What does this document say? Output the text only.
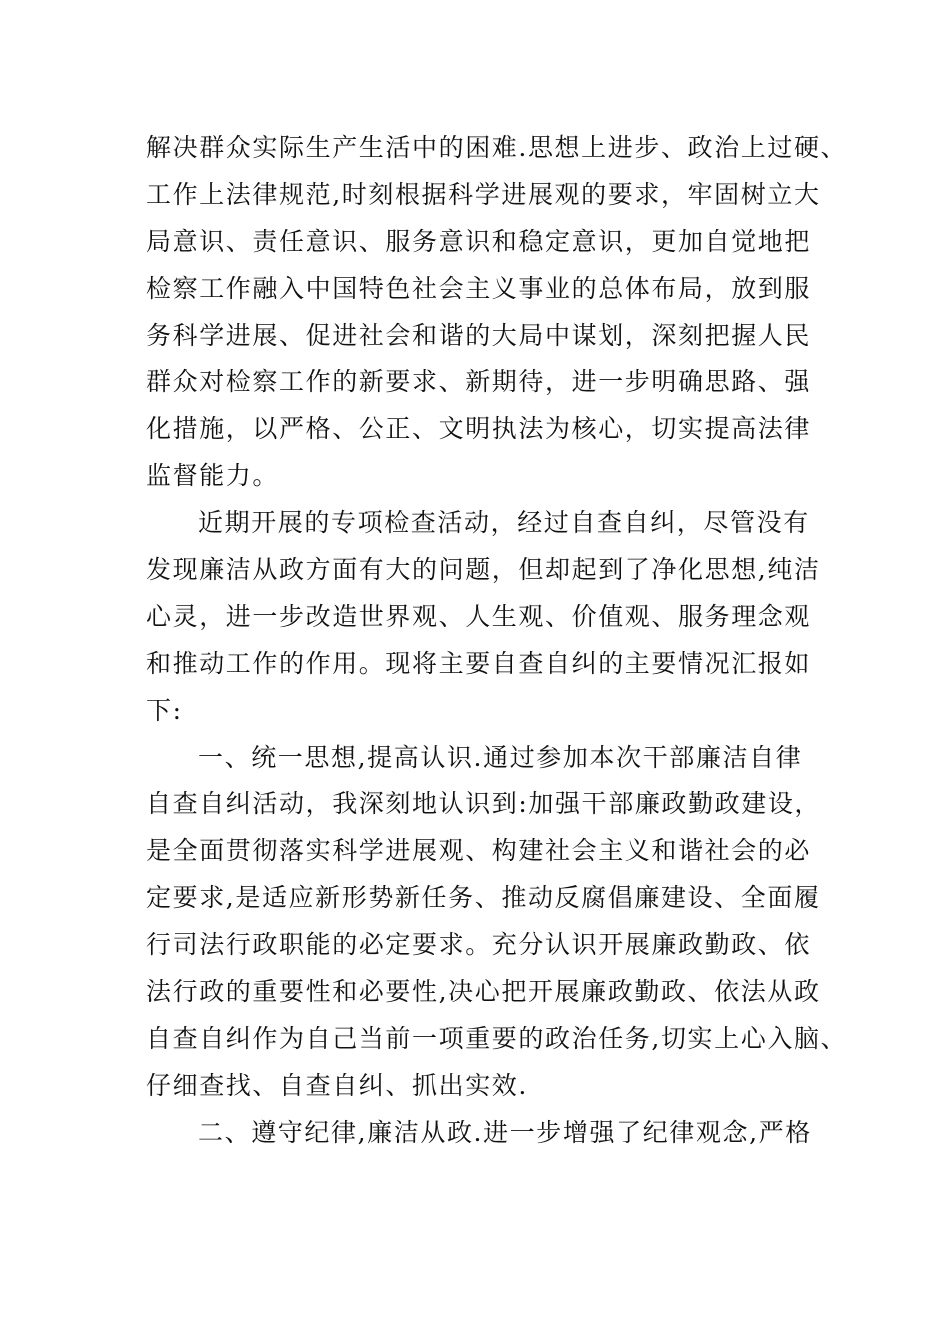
解决群众实际生产生活中的困难.思想上进步、政治上过硬、
工作上法律规范,时刻根据科学进展观的要求，牢固树立大
局意识、责任意识、服务意识和稳定意识，更加自觉地把
检察工作融入中国特色社会主义事业的总体布局，放到服
务科学进展、促进社会和谐的大局中谋划，深刻把握人民
群众对检察工作的新要求、新期待，进一步明确思路、强
化措施，以严格、公正、文明执法为核心，切实提高法律
监督能力。
近期开展的专项检查活动，经过自查自纠，尽管没有
发现廉洁从政方面有大的问题，但却起到了净化思想,纯洁
心灵，进一步改造世界观、人生观、价值观、服务理念观
和推动工作的作用。现将主要自查自纠的主要情况汇报如
下:
一、统一思想,提高认识.通过参加本次干部廉洁自律
自查自纠活动，我深刻地认识到:加强干部廉政勤政建设，
是全面贯彻落实科学进展观、构建社会主义和谐社会的必
定要求,是适应新形势新任务、推动反腐倡廉建设、全面履
行司法行政职能的必定要求。充分认识开展廉政勤政、依
法行政的重要性和必要性,决心把开展廉政勤政、依法从政
自查自纠作为自己当前一项重要的政治任务,切实上心入脑、
仔细查找、自查自纠、抓出实效.
二、遵守纪律,廉洁从政.进一步增强了纪律观念,严格
